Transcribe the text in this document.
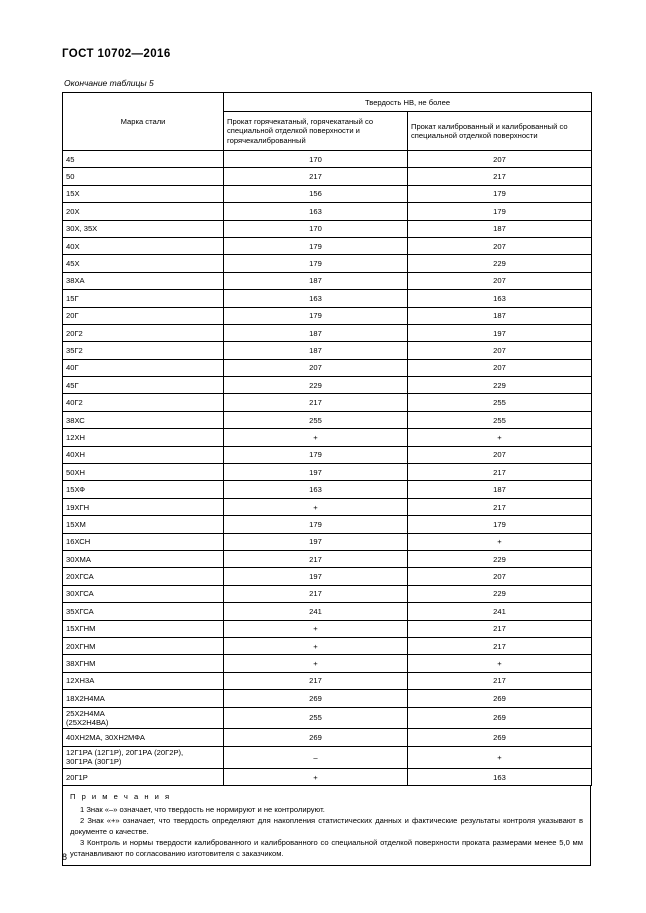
ГОСТ 10702—2016
Окончание таблицы 5
Марка стали	Твердость HB, не более	
	Прокат горячекатаный, горячекатаный со специальной отделкой поверхности и горячекалиброванный	Прокат калиброванный и калиброванный со специальной отделкой поверхности
45	170	207
50	217	217
15Х	156	179
20Х	163	179
30Х, 35Х	170	187
40Х	179	207
45Х	179	229
38ХА	187	207
15Г	163	163
20Г	179	187
20Г2	187	197
35Г2	187	207
40Г	207	207
45Г	229	229
40Г2	217	255
38ХС	255	255
12ХН	+	+
40ХН	179	207
50ХН	197	217
15ХФ	163	187
19ХГН	+	217
15ХМ	179	179
16ХСН	197	+
30ХМА	217	229
20ХГСА	197	207
30ХГСА	217	229
35ХГСА	241	241
15ХГНМ	+	217
20ХГНМ	+	217
38ХГНМ	+	+
12ХН3А	217	217
18Х2Н4МА	269	269
25Х2Н4МА
(25Х2Н4ВА)	255	269
40ХН2МА, 30ХН2МФА	269	269
12Г1РА (12Г1Р), 20Г1РА (20Г2Р),
30Г1РА (30Г1Р)	–	+
20Г1Р	+	163
П р и м е ч а н и я

1 Знак «–» означает, что твердость не нормируют и не контролируют.

2 Знак «+» означает, что твердость определяют для накопления статистических данных и фактические результаты контроля указывают в документе о качестве.

3 Контроль и нормы твердости калиброванного и калиброванного со специальной отделкой поверхности проката размерами менее 5,0 мм устанавливают по согласованию изготовителя с заказчиком.

8
